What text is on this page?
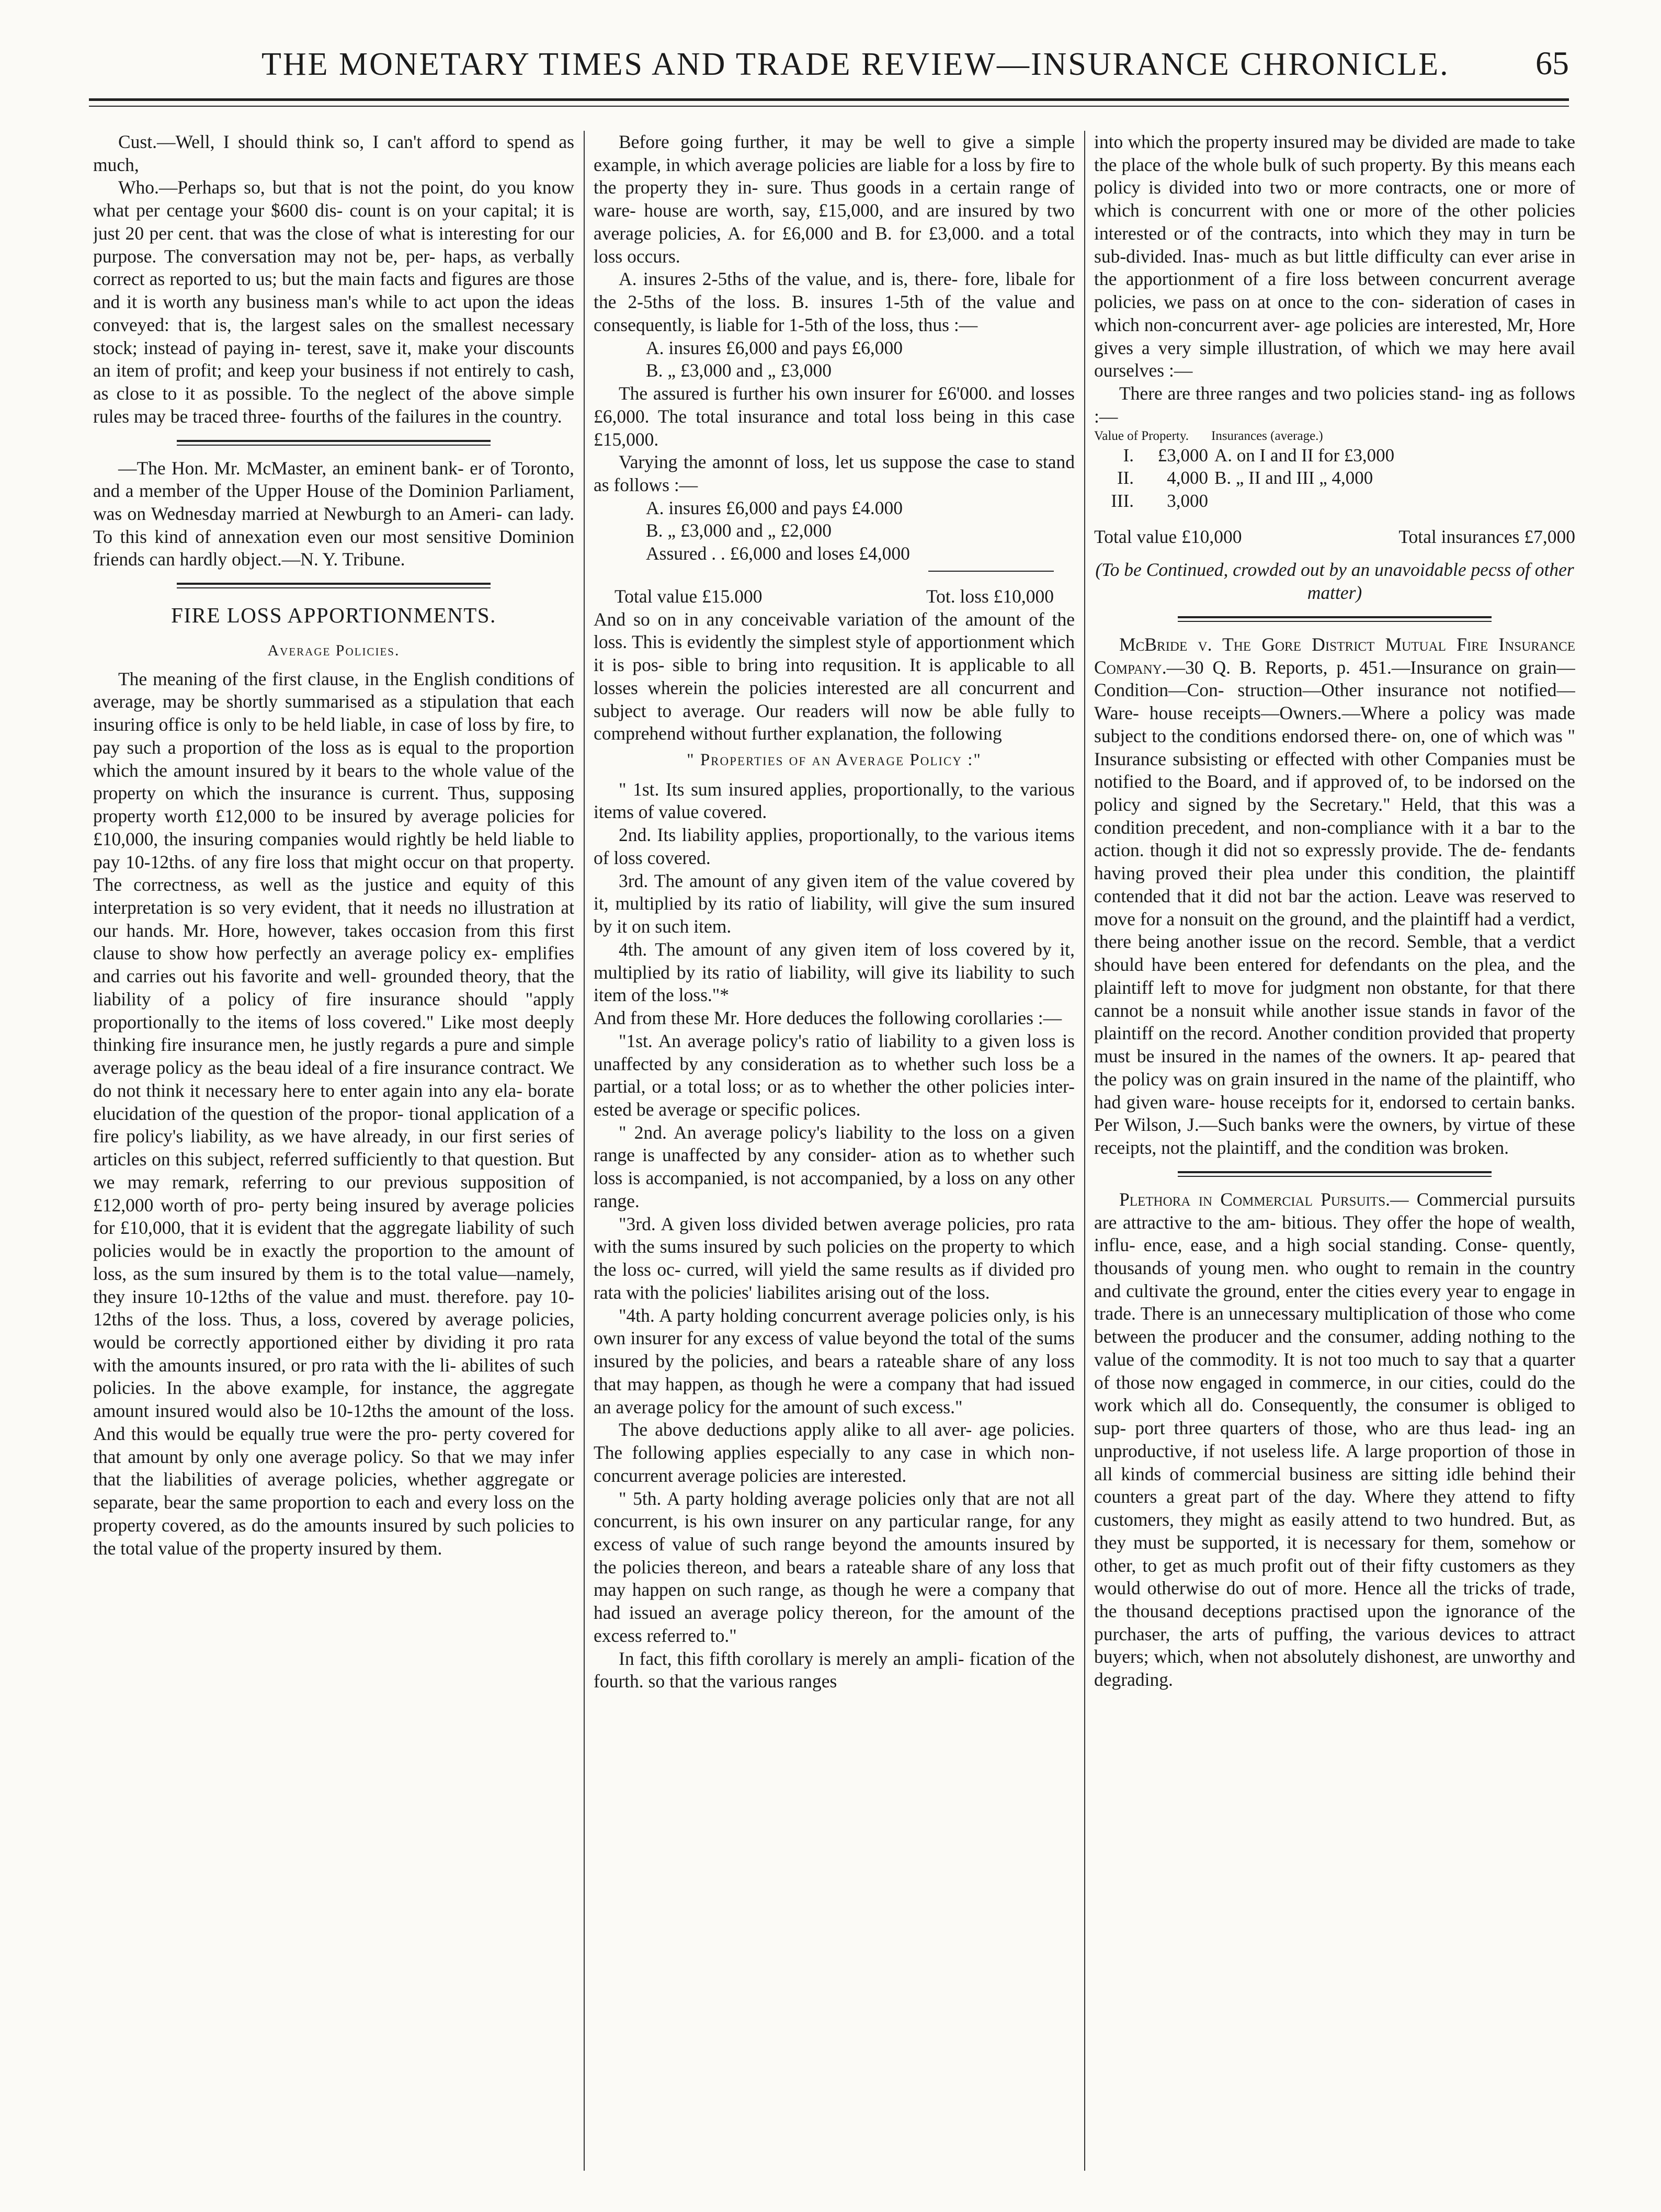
THE MONETARY TIMES AND TRADE REVIEW—INSURANCE CHRONICLE.	65

Cust.—Well, I should think so, I can't afford to spend as much,

Who.—Perhaps so, but that is not the point, do you know what per centage your $600 dis- count is on your capital; it is just 20 per cent. that was the close of what is interesting for our purpose. The conversation may not be, per- haps, as verbally correct as reported to us; but the main facts and figures are those and it is worth any business man's while to act upon the ideas conveyed: that is, the largest sales on the smallest necessary stock; instead of paying in- terest, save it, make your discounts an item of profit; and keep your business if not entirely to cash, as close to it as possible. To the neglect of the above simple rules may be traced three- fourths of the failures in the country.

—The Hon. Mr. McMaster, an eminent bank- er of Toronto, and a member of the Upper House of the Dominion Parliament, was on Wednesday married at Newburgh to an Ameri- can lady. To this kind of annexation even our most sensitive Dominion friends can hardly object.—N. Y. Tribune.

FIRE LOSS APPORTIONMENTS.
Average Policies.

The meaning of the first clause, in the English conditions of average, may be shortly summarised as a stipulation that each insuring office is only to be held liable, in case of loss by fire, to pay such a proportion of the loss as is equal to the proportion which the amount insured by it bears to the whole value of the property on which the insurance is current. Thus, supposing property worth £12,000 to be insured by average policies for £10,000, the insuring companies would rightly be held liable to pay 10-12ths. of any fire loss that might occur on that property. The correctness, as well as the justice and equity of this interpretation is so very evident, that it needs no illustration at our hands. Mr. Hore, however, takes occasion from this first clause to show how perfectly an average policy ex- emplifies and carries out his favorite and well- grounded theory, that the liability of a policy of fire insurance should "apply proportionally to the items of loss covered." Like most deeply thinking fire insurance men, he justly regards a pure and simple average policy as the beau ideal of a fire insurance contract. We do not think it necessary here to enter again into any ela- borate elucidation of the question of the propor- tional application of a fire policy's liability, as we have already, in our first series of articles on this subject, referred sufficiently to that question. But we may remark, referring to our previous supposition of £12,000 worth of pro- perty being insured by average policies for £10,000, that it is evident that the aggregate liability of such policies would be in exactly the proportion to the amount of loss, as the sum insured by them is to the total value—namely, they insure 10-12ths of the value and must. therefore. pay 10-12ths of the loss. Thus, a loss, covered by average policies, would be correctly apportioned either by dividing it pro rata with the amounts insured, or pro rata with the li- abilites of such policies. In the above example, for instance, the aggregate amount insured would also be 10-12ths the amount of the loss. And this would be equally true were the pro- perty covered for that amount by only one average policy. So that we may infer that the liabilities of average policies, whether aggregate or separate, bear the same proportion to each and every loss on the property covered, as do the amounts insured by such policies to the total value of the property insured by them.

Before going further, it may be well to give a simple example, in which average policies are liable for a loss by fire to the property they in- sure. Thus goods in a certain range of ware- house are worth, say, £15,000, and are insured by two average policies, A. for £6,000 and B. for £3,000. and a total loss occurs.

A. insures 2-5ths of the value, and is, there- fore, libale for the 2-5ths of the loss. B. insures 1-5th of the value and consequently, is liable for 1-5th of the loss, thus :—

A. insures £6,000 and pays £6,000

B. „ £3,000 and „ £3,000

The assured is further his own insurer for £6'000. and losses £6,000. The total insurance and total loss being in this case £15,000.

Varying the amonnt of loss, let us suppose the case to stand as follows :—

A. insures £6,000 and pays £4.000

B. „ £3,000 and „ £2,000

Assured . . £6,000 and loses £4,000

Total value £15.000	Tot. loss £10,000

And so on in any conceivable variation of the amount of the loss. This is evidently the simplest style of apportionment which it is pos- sible to bring into requsition. It is applicable to all losses wherein the policies interested are all concurrent and subject to average. Our readers will now be able fully to comprehend without further explanation, the following

" Properties of an Average Policy :"

" 1st. Its sum insured applies, proportionally, to the various items of value covered.

2nd. Its liability applies, proportionally, to the various items of loss covered.

3rd. The amount of any given item of the value covered by it, multiplied by its ratio of liability, will give the sum insured by it on such item.

4th. The amount of any given item of loss covered by it, multiplied by its ratio of liability, will give its liability to such item of the loss."*

And from these Mr. Hore deduces the following corollaries :—

"1st. An average policy's ratio of liability to a given loss is unaffected by any consideration as to whether such loss be a partial, or a total loss; or as to whether the other policies inter- ested be average or specific polices.

" 2nd. An average policy's liability to the loss on a given range is unaffected by any consider- ation as to whether such loss is accompanied, is not accompanied, by a loss on any other range.

"3rd. A given loss divided betwen average policies, pro rata with the sums insured by such policies on the property to which the loss oc- curred, will yield the same results as if divided pro rata with the policies' liabilites arising out of the loss.

"4th. A party holding concurrent average policies only, is his own insurer for any excess of value beyond the total of the sums insured by the policies, and bears a rateable share of any loss that may happen, as though he were a company that had issued an average policy for the amount of such excess."

The above deductions apply alike to all aver- age policies. The following applies especially to any case in which non-concurrent average policies are interested.

" 5th. A party holding average policies only that are not all concurrent, is his own insurer on any particular range, for any excess of value of such range beyond the amounts insured by the policies thereon, and bears a rateable share of any loss that may happen on such range, as though he were a company that had issued an average policy thereon, for the amount of the excess referred to."

In fact, this fifth corollary is merely an ampli- fication of the fourth. so that the various ranges

into which the property insured may be divided are made to take the place of the whole bulk of such property. By this means each policy is divided into two or more contracts, one or more of which is concurrent with one or more of the other policies interested or of the contracts, into which they may in turn be sub-divided. Inas- much as but little difficulty can ever arise in the apportionment of a fire loss between concurrent average policies, we pass on at once to the con- sideration of cases in which non-concurrent aver- age policies are interested, Mr, Hore gives a very simple illustration, of which we may here avail ourselves :—

There are three ranges and two policies stand- ing as follows :—

Value of Property.		Insurances (average.)
I.	£3,000	A. on I and II for £3,000
II.	4,000	B. „ II and III „ 4,000
III.	3,000	
Total value £10,000	Total insurances £7,000

(To be Continued, crowded out by an unavoidable pecss of other matter)

McBride v. The Gore District Mutual Fire Insurance Company.—30 Q. B. Reports, p. 451.—Insurance on grain—Condition—Con- struction—Other insurance not notified—Ware- house receipts—Owners.—Where a policy was made subject to the conditions endorsed there- on, one of which was " Insurance subsisting or effected with other Companies must be notified to the Board, and if approved of, to be indorsed on the policy and signed by the Secretary." Held, that this was a condition precedent, and non-compliance with it a bar to the action. though it did not so expressly provide. The de- fendants having proved their plea under this condition, the plaintiff contended that it did not bar the action. Leave was reserved to move for a nonsuit on the ground, and the plaintiff had a verdict, there being another issue on the record. Semble, that a verdict should have been entered for defendants on the plea, and the plaintiff left to move for judgment non obstante, for that there cannot be a nonsuit while another issue stands in favor of the plaintiff on the record. Another condition provided that property must be insured in the names of the owners. It ap- peared that the policy was on grain insured in the name of the plaintiff, who had given ware- house receipts for it, endorsed to certain banks. Per Wilson, J.—Such banks were the owners, by virtue of these receipts, not the plaintiff, and the condition was broken.

Plethora in Commercial Pursuits.— Commercial pursuits are attractive to the am- bitious. They offer the hope of wealth, influ- ence, ease, and a high social standing. Conse- quently, thousands of young men. who ought to remain in the country and cultivate the ground, enter the cities every year to engage in trade. There is an unnecessary multiplication of those who come between the producer and the consumer, adding nothing to the value of the commodity. It is not too much to say that a quarter of those now engaged in commerce, in our cities, could do the work which all do. Consequently, the consumer is obliged to sup- port three quarters of those, who are thus lead- ing an unproductive, if not useless life. A large proportion of those in all kinds of commercial business are sitting idle behind their counters a great part of the day. Where they attend to fifty customers, they might as easily attend to two hundred. But, as they must be supported, it is necessary for them, somehow or other, to get as much profit out of their fifty customers as they would otherwise do out of more. Hence all the tricks of trade, the thousand deceptions practised upon the ignorance of the purchaser, the arts of puffing, the various devices to attract buyers; which, when not absolutely dishonest, are unworthy and degrading.
